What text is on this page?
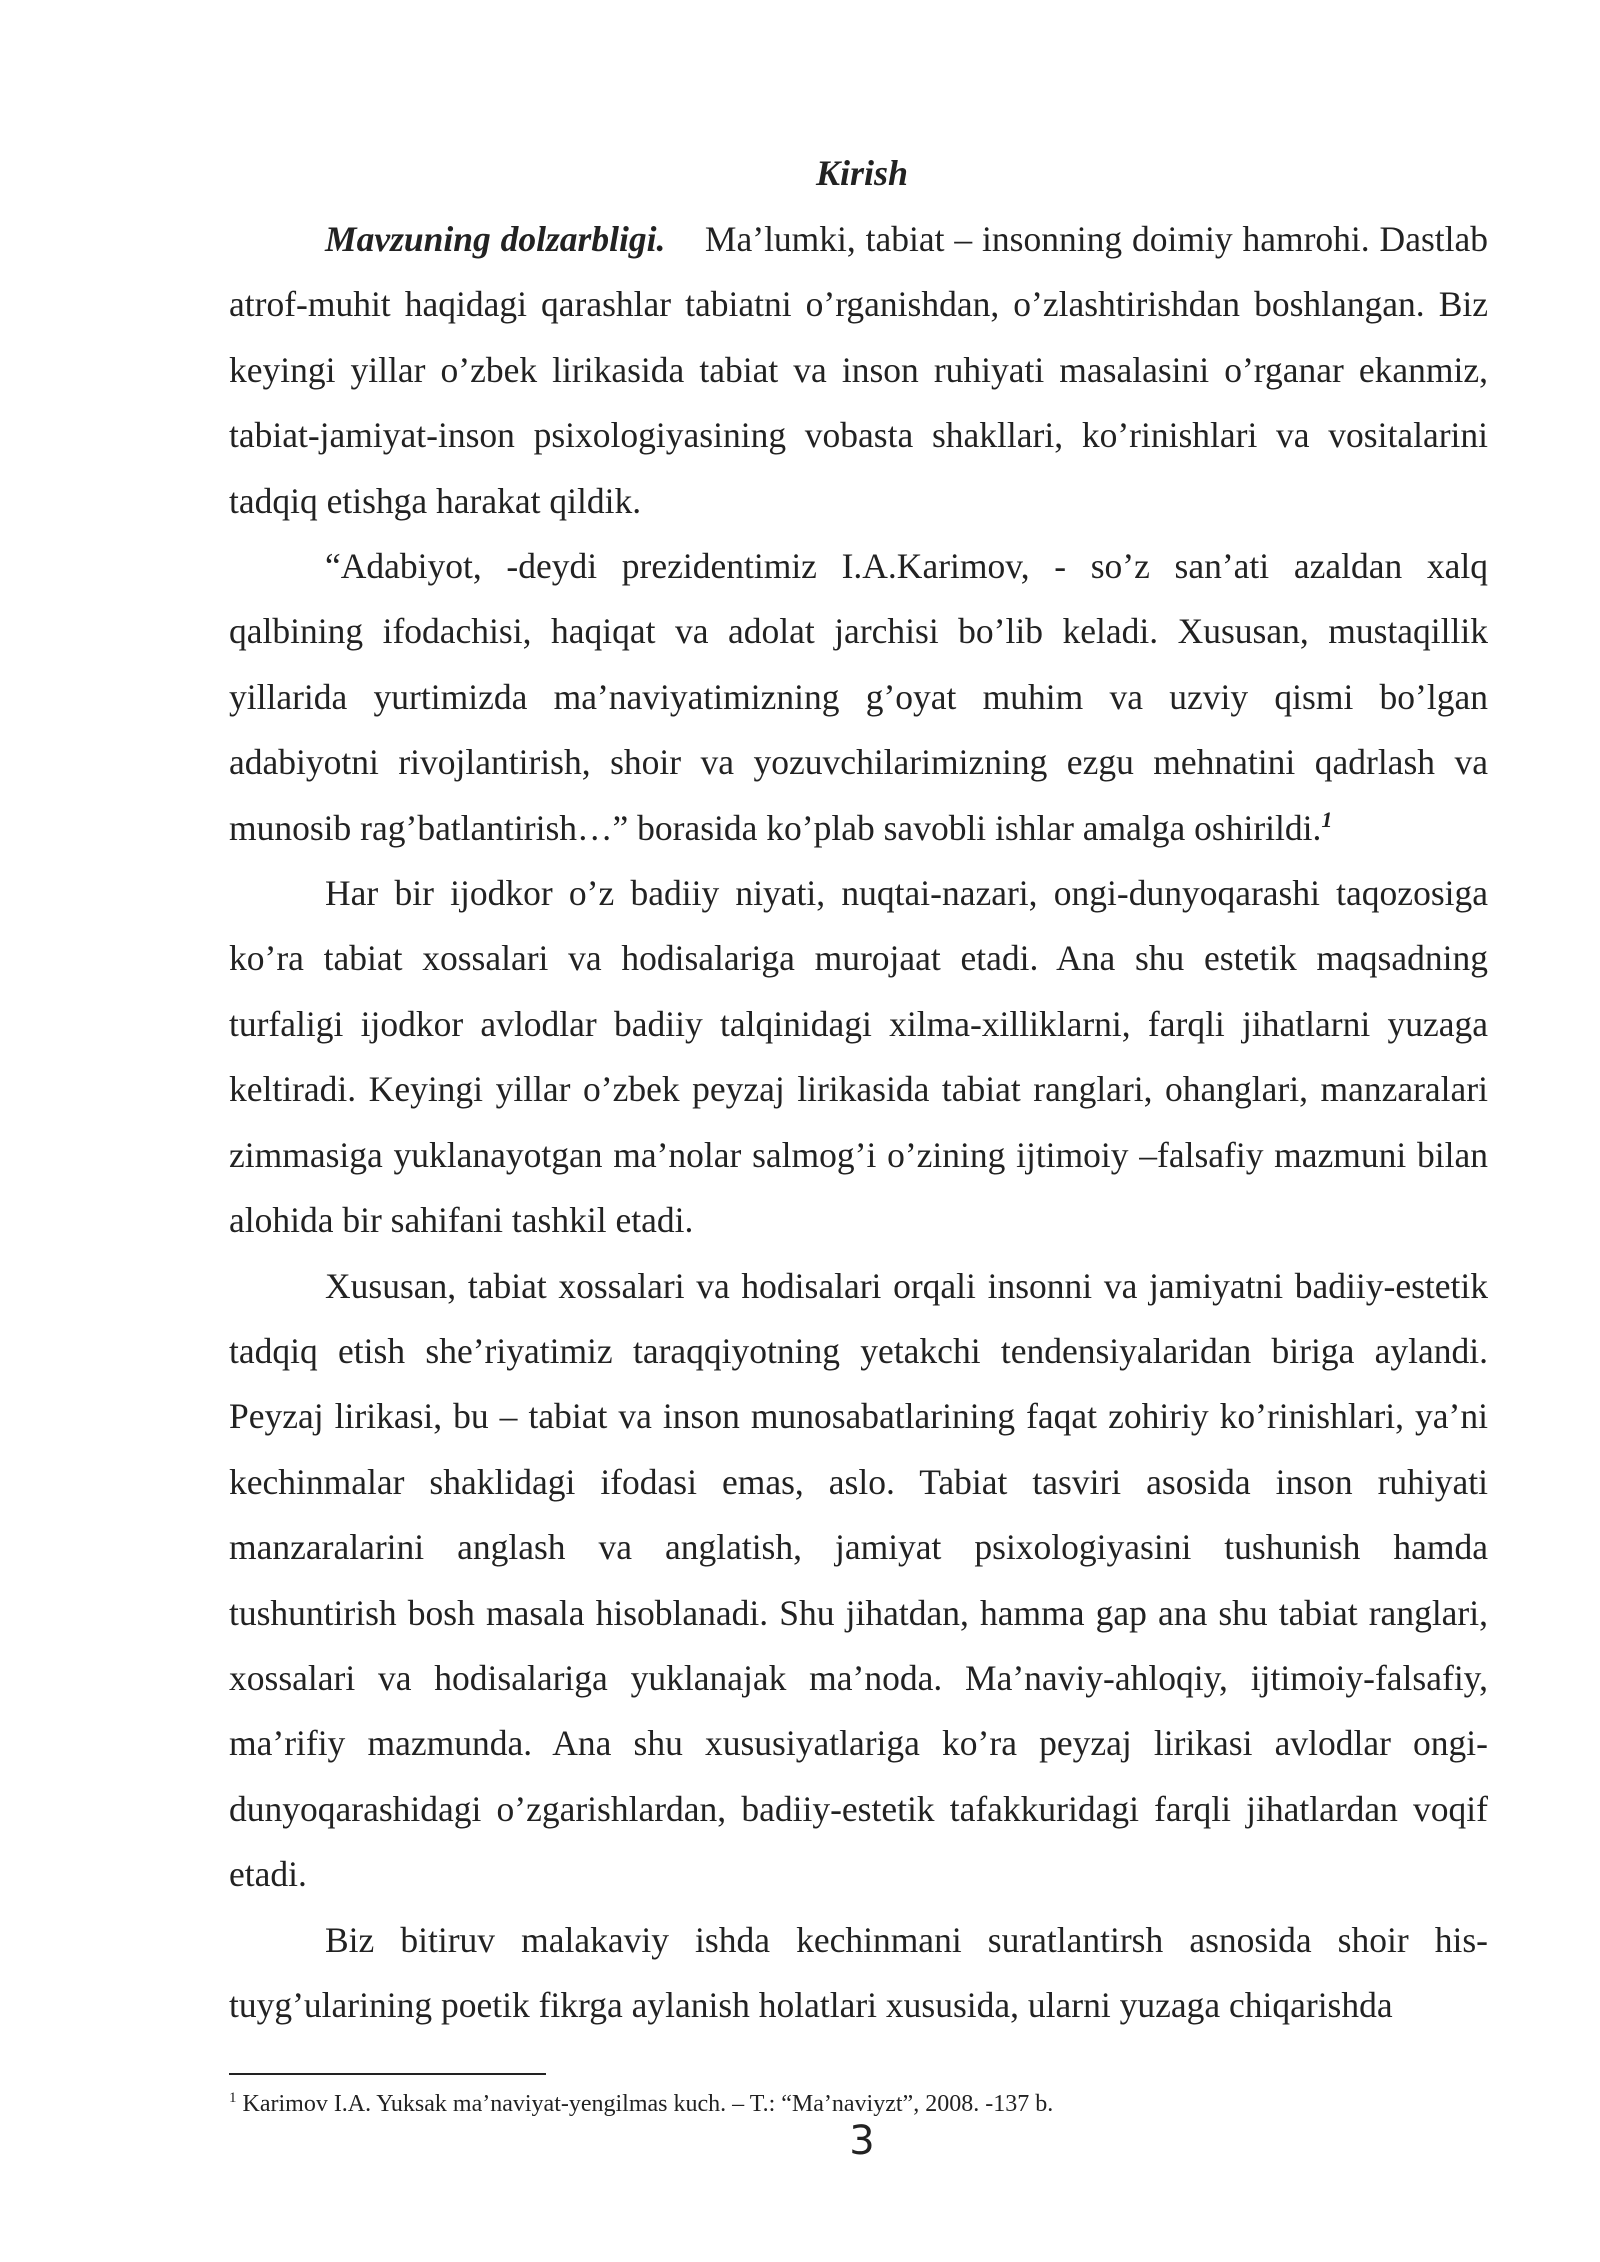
Kirish

Mavzuning dolzarbligi. Ma’lumki, tabiat – insonning doimiy hamrohi. Dastlab atrof-muhit haqidagi qarashlar tabiatni o’rganishdan, o’zlashtirishdan boshlangan. Biz keyingi yillar o’zbek lirikasida tabiat va inson ruhiyati masalasini o’rganar ekanmiz, tabiat-jamiyat-inson psixologiyasining vobasta shakllari, ko’rinishlari va vositalarini tadqiq etishga harakat qildik.

“Adabiyot, -deydi prezidentimiz I.A.Karimov, - so’z san’ati azaldan xalq qalbining ifodachisi, haqiqat va adolat jarchisi bo’lib keladi. Xususan, mustaqillik yillarida yurtimizda ma’naviyatimizning g’oyat muhim va uzviy qismi bo’lgan adabiyotni rivojlantirish, shoir va yozuvchilarimizning ezgu mehnatini qadrlash va munosib rag’batlantirish…” borasida ko’plab savobli ishlar amalga oshirildi.$^1$

Har bir ijodkor o’z badiiy niyati, nuqtai-nazari, ongi-dunyoqarashi taqozosiga ko’ra tabiat xossalari va hodisalariga murojaat etadi. Ana shu estetik maqsadning turfaligi ijodkor avlodlar badiiy talqinidagi xilma-xilliklarni, farqli jihatlarni yuzaga keltiradi. Keyingi yillar o’zbek peyzaj lirikasida tabiat ranglari, ohanglari, manzaralari zimmasiga yuklanayotgan ma’nolar salmog’i o’zining ijtimoiy –falsafiy mazmuni bilan alohida bir sahifani tashkil etadi.

Xususan, tabiat xossalari va hodisalari orqali insonni va jamiyatni badiiy-estetik tadqiq etish she’riyatimiz taraqqiyotning yetakchi tendensiyalaridan biriga aylandi. Peyzaj lirikasi, bu – tabiat va inson munosabatlarining faqat zohiriy ko’rinishlari, ya’ni kechinmalar shaklidagi ifodasi emas, aslo. Tabiat tasviri asosida inson ruhiyati manzaralarini anglash va anglatish, jamiyat psixologiyasini tushunish hamda tushuntirish bosh masala hisoblanadi. Shu jihatdan, hamma gap ana shu tabiat ranglari, xossalari va hodisalariga yuklanajak ma’noda. Ma’naviy-ahloqiy, ijtimoiy-falsafiy, ma’rifiy mazmunda. Ana shu xususiyatlariga ko’ra peyzaj lirikasi avlodlar ongi-dunyoqarashidagi o’zgarishlardan, badiiy-estetik tafakkuridagi farqli jihatlardan voqif etadi.

Biz bitiruv malakaviy ishda kechinmani suratlantirsh asnosida shoir his-tuyg’ularining poetik fikrga aylanish holatlari xususida, ularni yuzaga chiqarishda

$^1$ Karimov I.A. Yuksak ma’naviyat-yengilmas kuch. – T.: “Ma’naviyzt”, 2008. -137 b.
3
